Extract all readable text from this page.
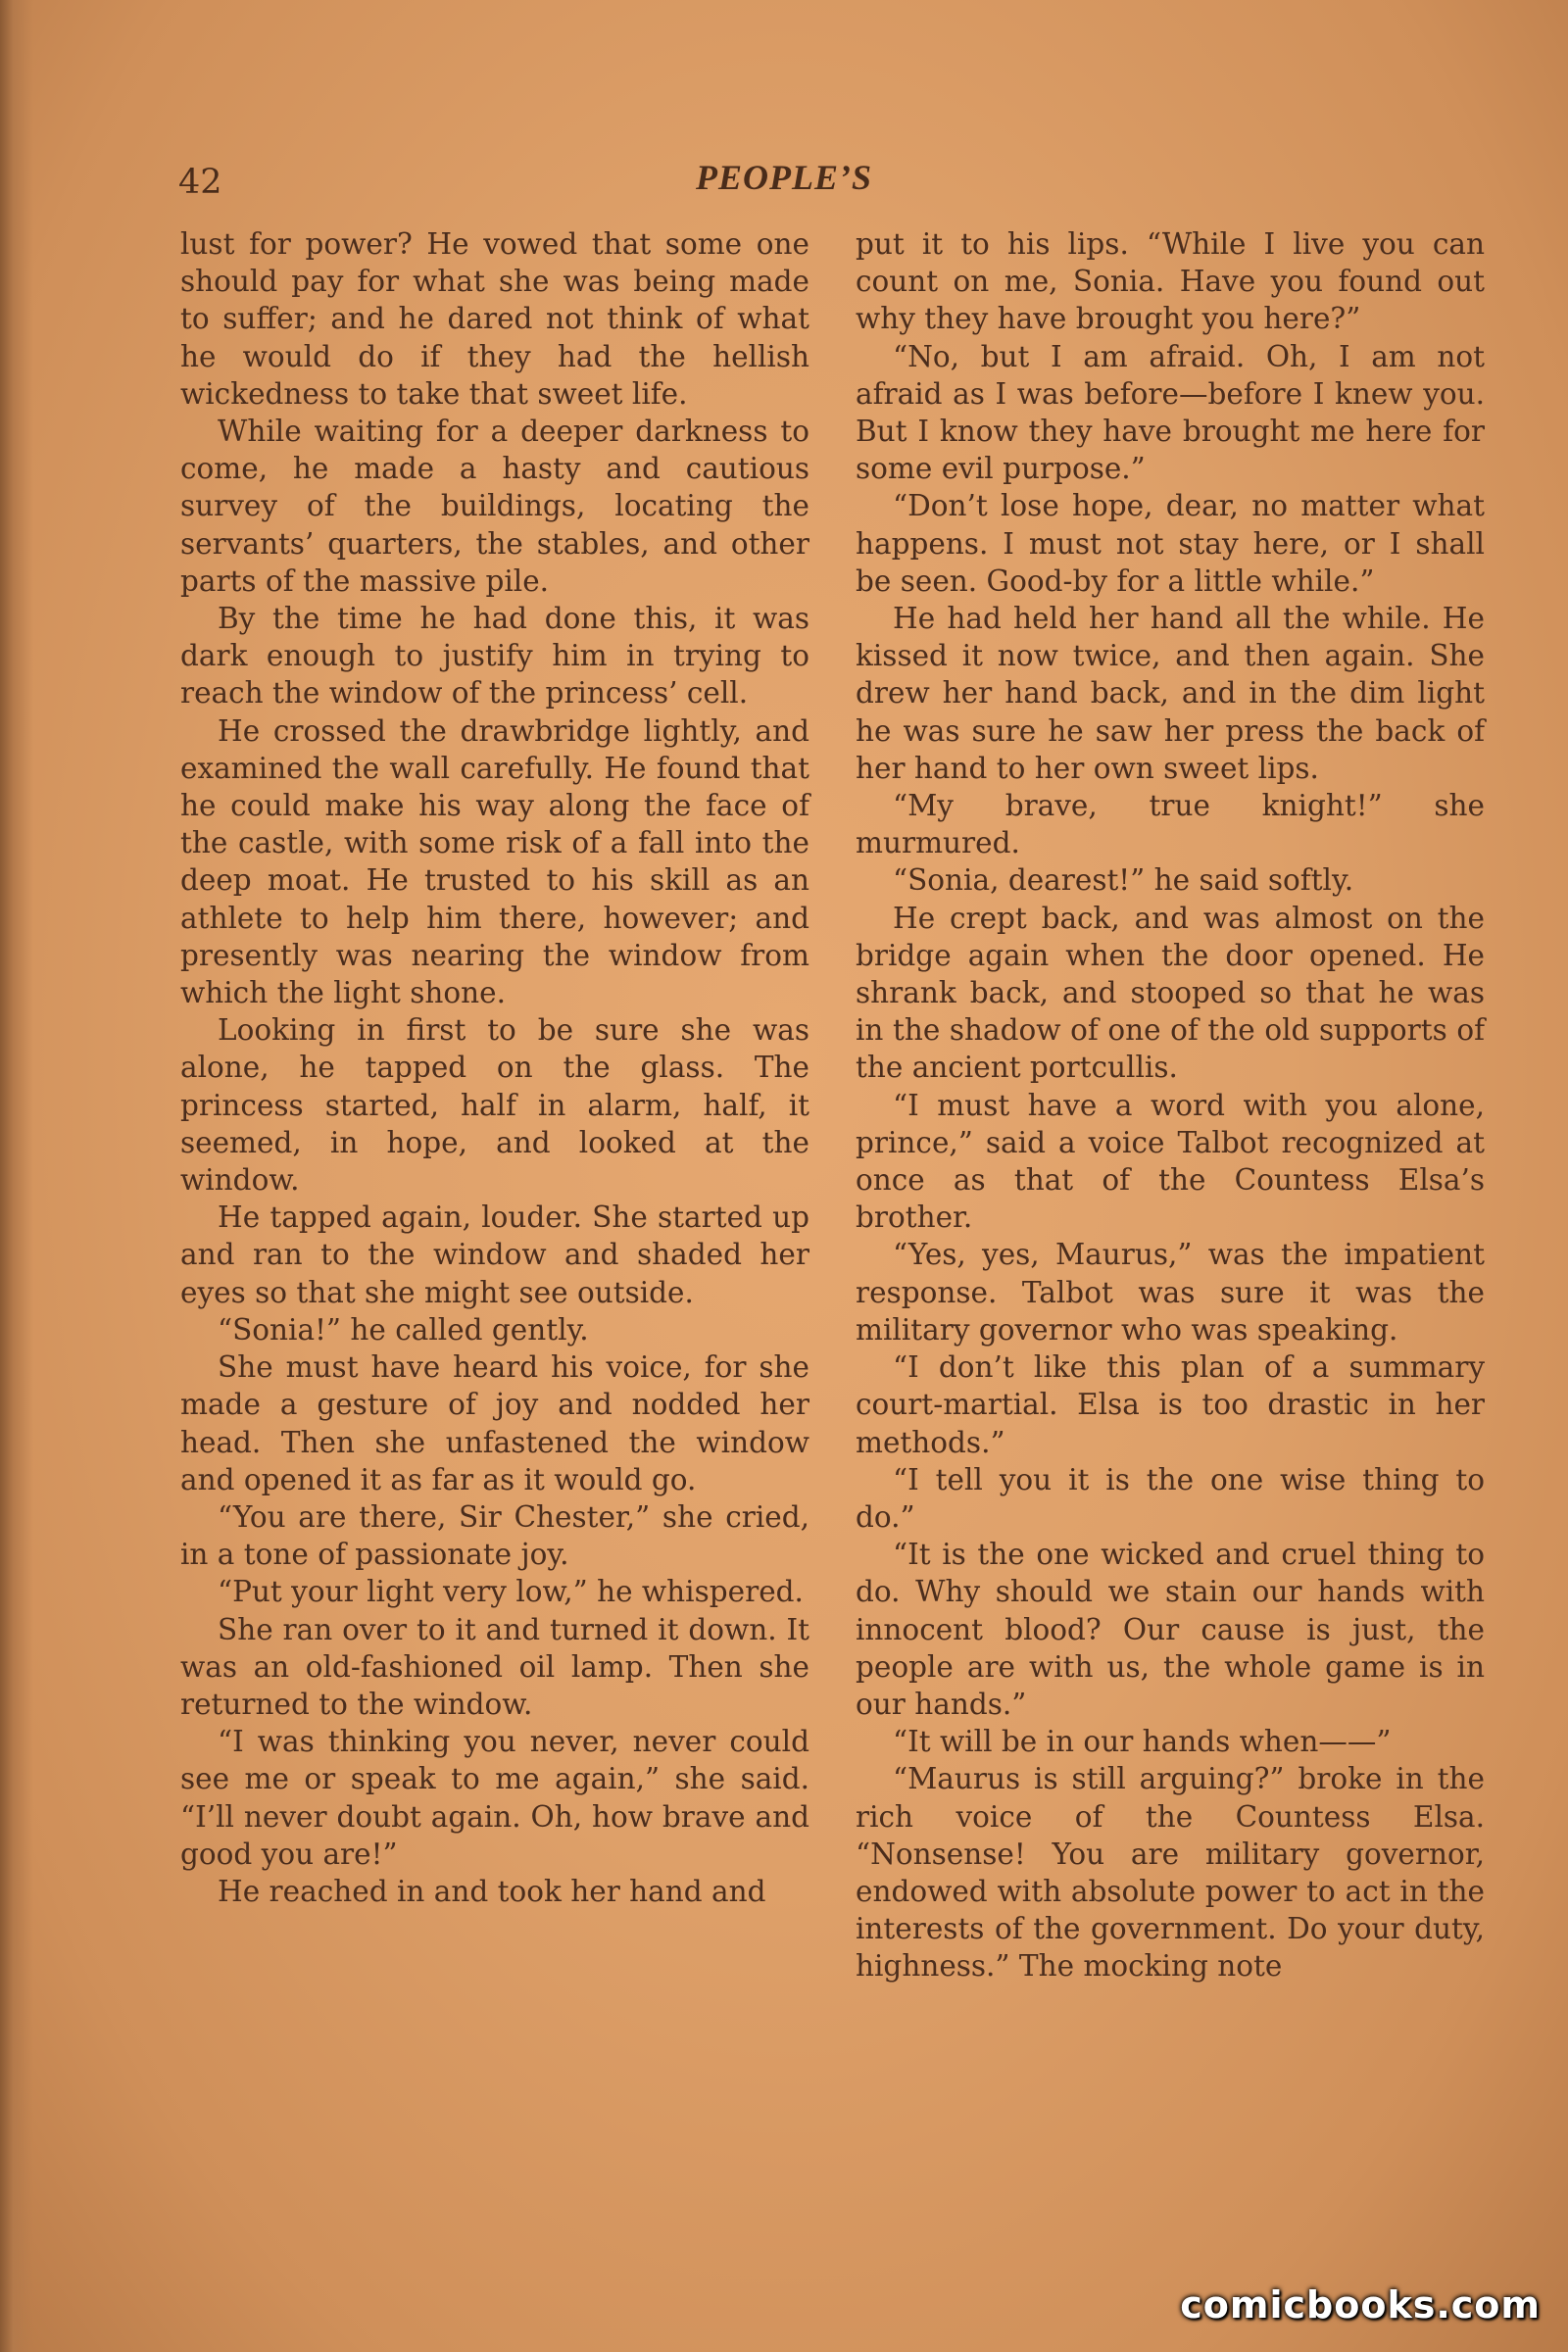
42	PEOPLE’S

lust for power? He vowed that some one should pay for what she was being made to suffer; and he dared not think of what he would do if they had the hellish wickedness to take that sweet life.

While waiting for a deeper darkness to come, he made a hasty and cautious survey of the buildings, locating the servants’ quarters, the stables, and other parts of the massive pile.

By the time he had done this, it was dark enough to justify him in trying to reach the window of the princess’ cell.

He crossed the drawbridge lightly, and examined the wall carefully. He found that he could make his way along the face of the castle, with some risk of a fall into the deep moat. He trusted to his skill as an athlete to help him there, however; and presently was nearing the window from which the light shone.

Looking in first to be sure she was alone, he tapped on the glass. The princess started, half in alarm, half, it seemed, in hope, and looked at the window.

He tapped again, louder. She started up and ran to the window and shaded her eyes so that she might see outside.

“Sonia!” he called gently.

She must have heard his voice, for she made a gesture of joy and nodded her head. Then she unfastened the window and opened it as far as it would go.

“You are there, Sir Chester,” she cried, in a tone of passionate joy.

“Put your light very low,” he whispered.

She ran over to it and turned it down. It was an old-fashioned oil lamp. Then she returned to the window.

“I was thinking you never, never could see me or speak to me again,” she said. “I’ll never doubt again. Oh, how brave and good you are!”

He reached in and took her hand and

put it to his lips. “While I live you can count on me, Sonia. Have you found out why they have brought you here?”

“No, but I am afraid. Oh, I am not afraid as I was before—before I knew you. But I know they have brought me here for some evil purpose.”

“Don’t lose hope, dear, no matter what happens. I must not stay here, or I shall be seen. Good-by for a little while.”

He had held her hand all the while. He kissed it now twice, and then again. She drew her hand back, and in the dim light he was sure he saw her press the back of her hand to her own sweet lips.

“My brave, true knight!” she murmured.

“Sonia, dearest!” he said softly.

He crept back, and was almost on the bridge again when the door opened. He shrank back, and stooped so that he was in the shadow of one of the old supports of the ancient portcullis.

“I must have a word with you alone, prince,” said a voice Talbot recognized at once as that of the Countess Elsa’s brother.

“Yes, yes, Maurus,” was the impatient response. Talbot was sure it was the military governor who was speaking.

“I don’t like this plan of a summary court-martial. Elsa is too drastic in her methods.”

“I tell you it is the one wise thing to do.”

“It is the one wicked and cruel thing to do. Why should we stain our hands with innocent blood? Our cause is just, the people are with us, the whole game is in our hands.”

“It will be in our hands when——”

“Maurus is still arguing?” broke in the rich voice of the Countess Elsa. “Nonsense! You are military governor, endowed with absolute power to act in the interests of the government. Do your duty, highness.” The mocking note

comicbooks.com
